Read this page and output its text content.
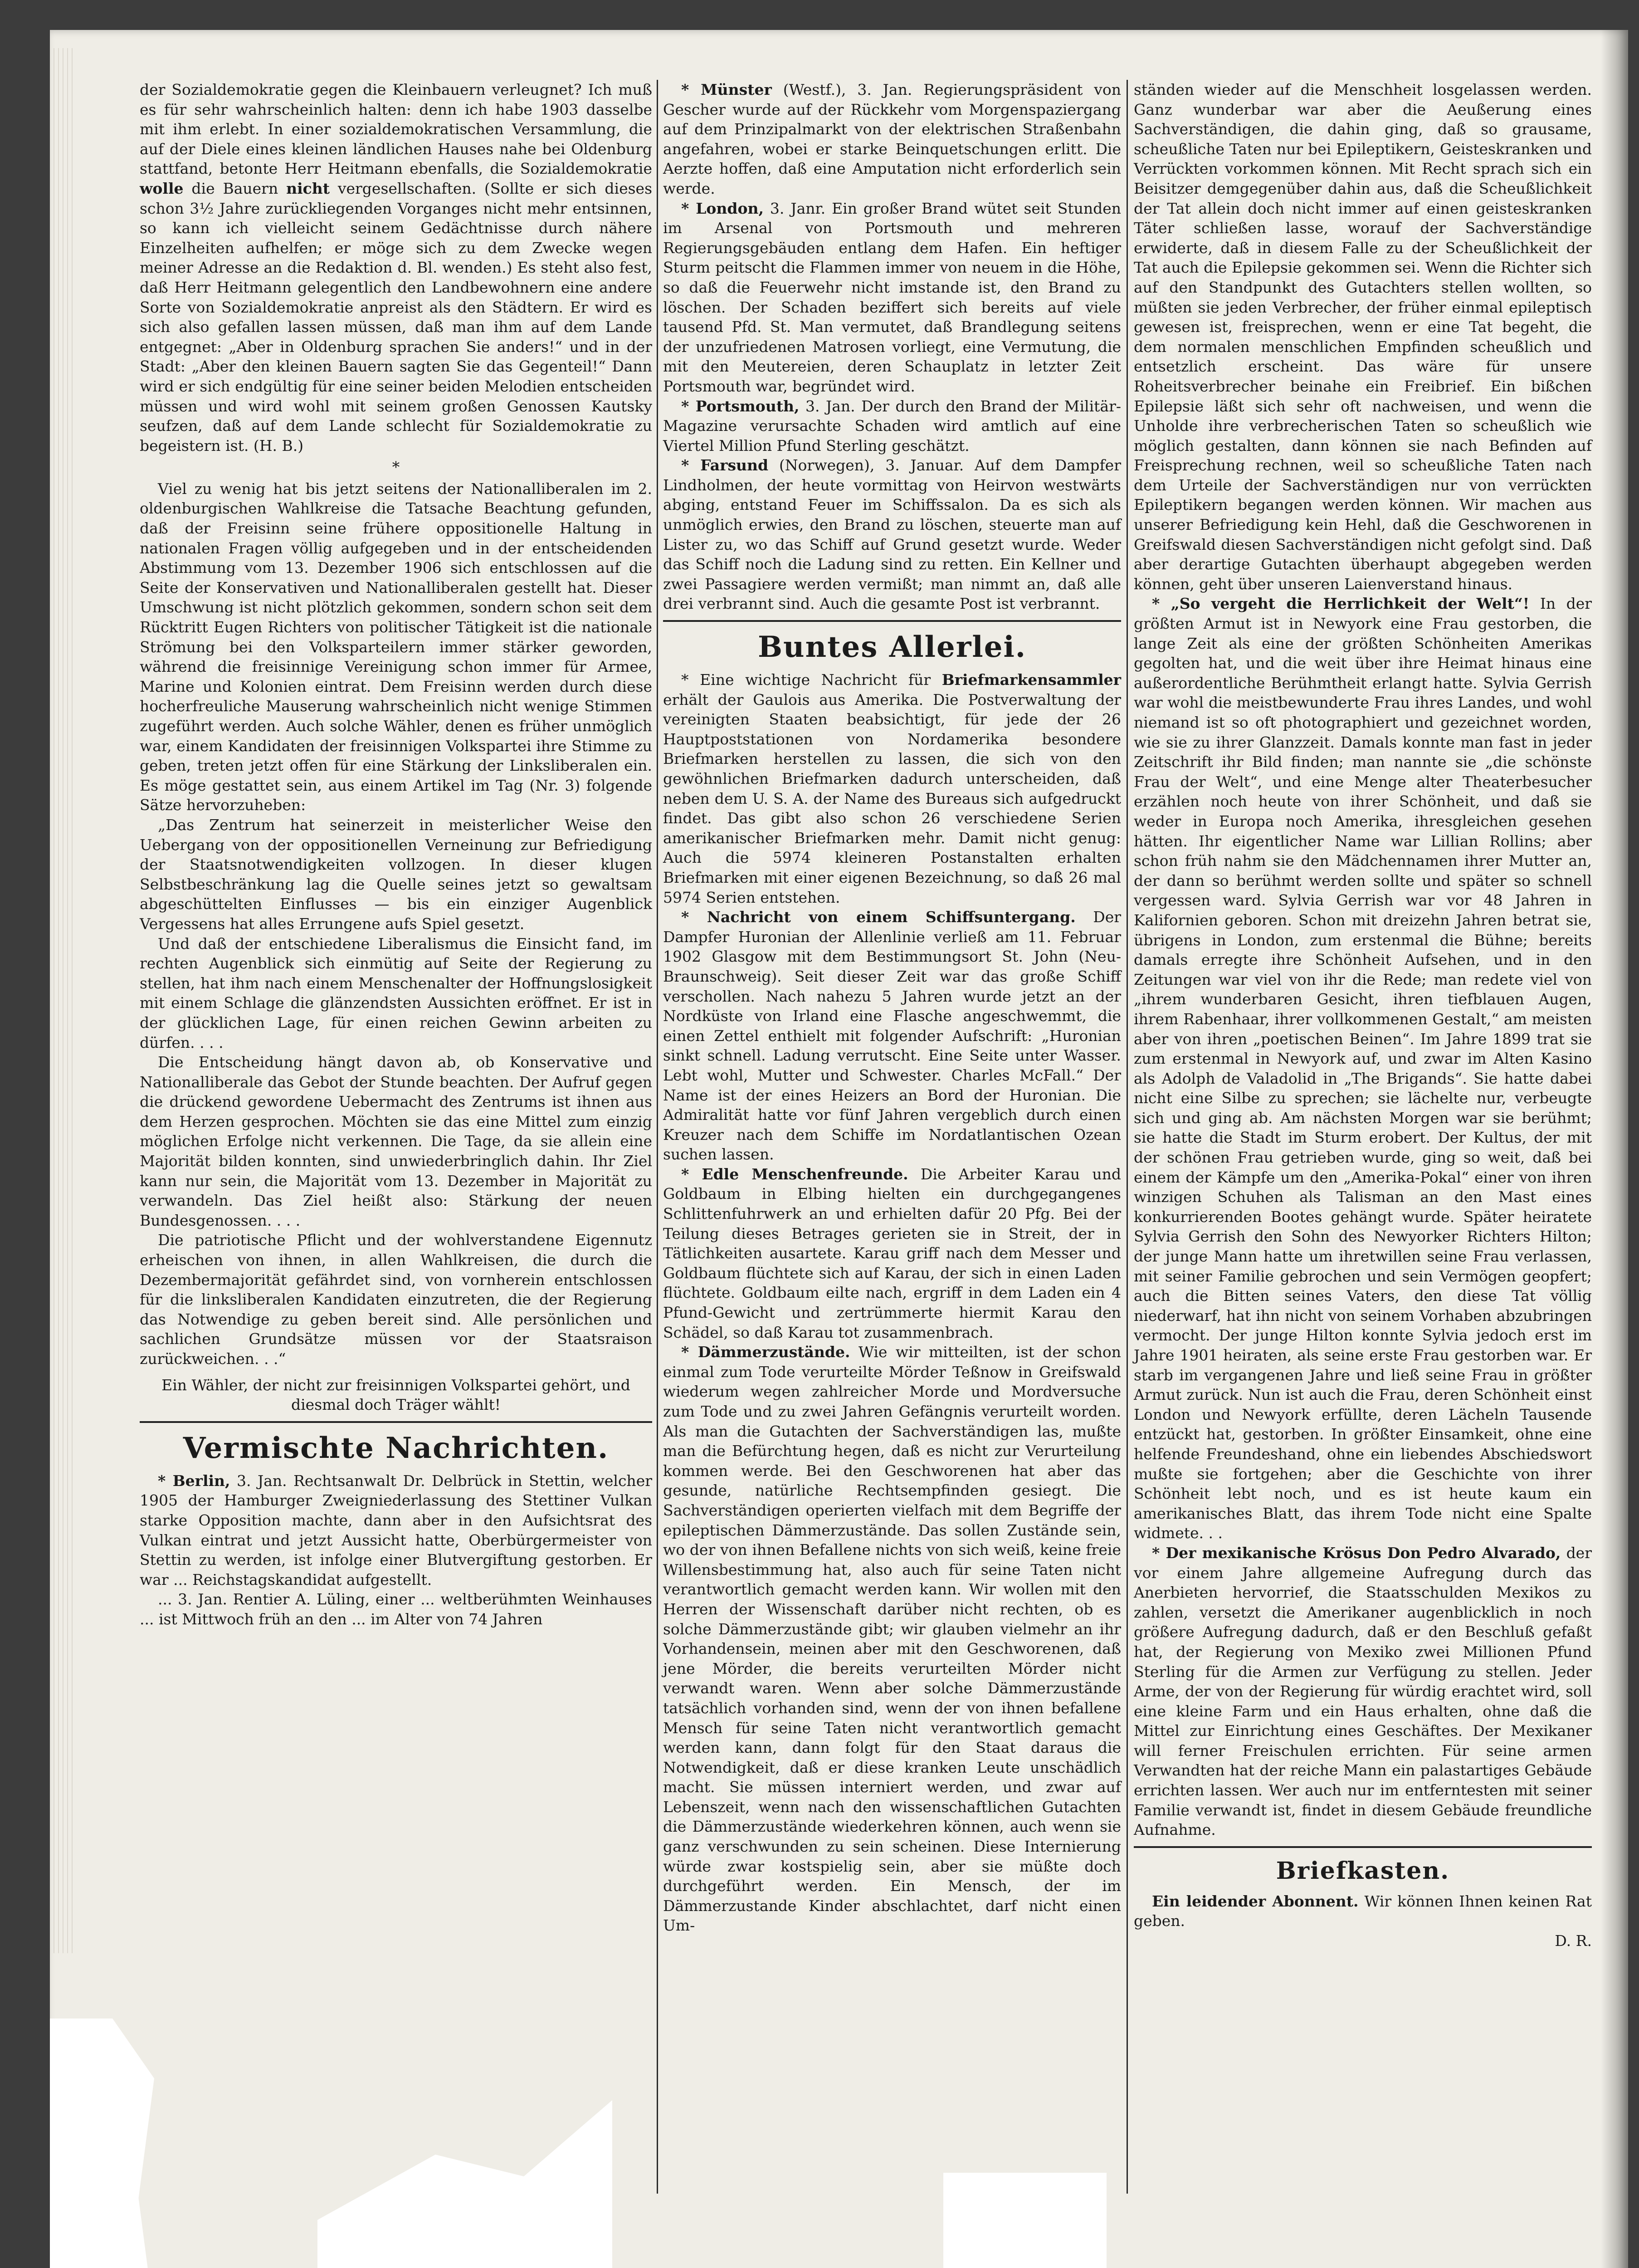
der Sozialdemokratie gegen die Kleinbauern verleugnet? Ich muß es für sehr wahrscheinlich halten: denn ich habe 1903 dasselbe mit ihm erlebt. In einer sozialdemokratischen Versammlung, die auf der Diele eines kleinen ländlichen Hauses nahe bei Oldenburg stattfand, betonte Herr Heitmann ebenfalls, die Sozialdemokratie wolle die Bauern nicht vergesellschaften. (Sollte er sich dieses schon 3½ Jahre zurückliegenden Vorganges nicht mehr entsinnen, so kann ich vielleicht seinem Gedächtnisse durch nähere Einzelheiten aufhelfen; er möge sich zu dem Zwecke wegen meiner Adresse an die Redaktion d. Bl. wenden.) Es steht also fest, daß Herr Heitmann gelegentlich den Landbewohnern eine andere Sorte von Sozialdemokratie anpreist als den Städtern. Er wird es sich also gefallen lassen müssen, daß man ihm auf dem Lande entgegnet: „Aber in Oldenburg sprachen Sie anders!“ und in der Stadt: „Aber den kleinen Bauern sagten Sie das Gegenteil!“ Dann wird er sich endgültig für eine seiner beiden Melodien entscheiden müssen und wird wohl mit seinem großen Genossen Kautsky seufzen, daß auf dem Lande schlecht für Sozialdemokratie zu begeistern ist. (H. B.)

*

Viel zu wenig hat bis jetzt seitens der Nationalliberalen im 2. oldenburgischen Wahlkreise die Tatsache Beachtung gefunden, daß der Freisinn seine frühere oppositionelle Haltung in nationalen Fragen völlig aufgegeben und in der entscheidenden Abstimmung vom 13. Dezember 1906 sich entschlossen auf die Seite der Konservativen und Nationalliberalen gestellt hat. Dieser Umschwung ist nicht plötzlich gekommen, sondern schon seit dem Rücktritt Eugen Richters von politischer Tätigkeit ist die nationale Strömung bei den Volksparteilern immer stärker geworden, während die freisinnige Vereinigung schon immer für Armee, Marine und Kolonien eintrat. Dem Freisinn werden durch diese hocherfreuliche Mauserung wahrscheinlich nicht wenige Stimmen zugeführt werden. Auch solche Wähler, denen es früher unmöglich war, einem Kandidaten der freisinnigen Volkspartei ihre Stimme zu geben, treten jetzt offen für eine Stärkung der Linksliberalen ein. Es möge gestattet sein, aus einem Artikel im Tag (Nr. 3) folgende Sätze hervorzuheben:

„Das Zentrum hat seinerzeit in meisterlicher Weise den Uebergang von der oppositionellen Verneinung zur Befriedigung der Staatsnotwendigkeiten vollzogen. In dieser klugen Selbstbeschränkung lag die Quelle seines jetzt so gewaltsam abgeschüttelten Einflusses — bis ein einziger Augenblick Vergessens hat alles Errungene aufs Spiel gesetzt.

Und daß der entschiedene Liberalismus die Einsicht fand, im rechten Augenblick sich einmütig auf Seite der Regierung zu stellen, hat ihm nach einem Menschenalter der Hoffnungslosigkeit mit einem Schlage die glänzendsten Aussichten eröffnet. Er ist in der glücklichen Lage, für einen reichen Gewinn arbeiten zu dürfen. . . .

Die Entscheidung hängt davon ab, ob Konservative und Nationalliberale das Gebot der Stunde beachten. Der Aufruf gegen die drückend gewordene Uebermacht des Zentrums ist ihnen aus dem Herzen gesprochen. Möchten sie das eine Mittel zum einzig möglichen Erfolge nicht verkennen. Die Tage, da sie allein eine Majorität bilden konnten, sind unwiederbringlich dahin. Ihr Ziel kann nur sein, die Majorität vom 13. Dezember in Majorität zu verwandeln. Das Ziel heißt also: Stärkung der neuen Bundesgenossen. . . .

Die patriotische Pflicht und der wohlverstandene Eigennutz erheischen von ihnen, in allen Wahlkreisen, die durch die Dezembermajorität gefährdet sind, von vornherein entschlossen für die linksliberalen Kandidaten einzutreten, die der Regierung das Notwendige zu geben bereit sind. Alle persönlichen und sachlichen Grundsätze müssen vor der Staatsraison zurückweichen. . .“

Ein Wähler, der nicht zur freisinnigen Volkspartei gehört, und diesmal doch Träger wählt!

Vermischte Nachrichten.

* Berlin, 3. Jan. Rechtsanwalt Dr. Delbrück in Stettin, welcher 1905 der Hamburger Zweigniederlassung des Stettiner Vulkan starke Opposition machte, dann aber in den Aufsichtsrat des Vulkan eintrat und jetzt Aussicht hatte, Oberbürgermeister von Stettin zu werden, ist infolge einer Blutvergiftung gestorben. Er war ... Reichstagskandidat aufgestellt.

... 3. Jan. Rentier A. Lüling, einer ... weltberühmten Weinhauses ... ist Mittwoch früh an den ... im Alter von 74 Jahren

* Münster (Westf.), 3. Jan. Regierungspräsident von Gescher wurde auf der Rückkehr vom Morgenspaziergang auf dem Prinzipalmarkt von der elektrischen Straßenbahn angefahren, wobei er starke Beinquetschungen erlitt. Die Aerzte hoffen, daß eine Amputation nicht erforderlich sein werde.

* London, 3. Janr. Ein großer Brand wütet seit Stunden im Arsenal von Portsmouth und mehreren Regierungsgebäuden entlang dem Hafen. Ein heftiger Sturm peitscht die Flammen immer von neuem in die Höhe, so daß die Feuerwehr nicht imstande ist, den Brand zu löschen. Der Schaden beziffert sich bereits auf viele tausend Pfd. St. Man vermutet, daß Brandlegung seitens der unzufriedenen Matrosen vorliegt, eine Vermutung, die mit den Meutereien, deren Schauplatz in letzter Zeit Portsmouth war, begründet wird.

* Portsmouth, 3. Jan. Der durch den Brand der Militär-Magazine verursachte Schaden wird amtlich auf eine Viertel Million Pfund Sterling geschätzt.

* Farsund (Norwegen), 3. Januar. Auf dem Dampfer Lindholmen, der heute vormittag von Heirvon westwärts abging, entstand Feuer im Schiffssalon. Da es sich als unmöglich erwies, den Brand zu löschen, steuerte man auf Lister zu, wo das Schiff auf Grund gesetzt wurde. Weder das Schiff noch die Ladung sind zu retten. Ein Kellner und zwei Passagiere werden vermißt; man nimmt an, daß alle drei verbrannt sind. Auch die gesamte Post ist verbrannt.

Buntes Allerlei.

* Eine wichtige Nachricht für Briefmarkensammler erhält der Gaulois aus Amerika. Die Postverwaltung der vereinigten Staaten beabsichtigt, für jede der 26 Hauptpoststationen von Nordamerika besondere Briefmarken herstellen zu lassen, die sich von den gewöhnlichen Briefmarken dadurch unterscheiden, daß neben dem U. S. A. der Name des Bureaus sich aufgedruckt findet. Das gibt also schon 26 verschiedene Serien amerikanischer Briefmarken mehr. Damit nicht genug: Auch die 5974 kleineren Postanstalten erhalten Briefmarken mit einer eigenen Bezeichnung, so daß 26 mal 5974 Serien entstehen.

* Nachricht von einem Schiffsuntergang. Der Dampfer Huronian der Allenlinie verließ am 11. Februar 1902 Glasgow mit dem Bestimmungsort St. John (Neu-Braunschweig). Seit dieser Zeit war das große Schiff verschollen. Nach nahezu 5 Jahren wurde jetzt an der Nordküste von Irland eine Flasche angeschwemmt, die einen Zettel enthielt mit folgender Aufschrift: „Huronian sinkt schnell. Ladung verrutscht. Eine Seite unter Wasser. Lebt wohl, Mutter und Schwester. Charles McFall.“ Der Name ist der eines Heizers an Bord der Huronian. Die Admiralität hatte vor fünf Jahren vergeblich durch einen Kreuzer nach dem Schiffe im Nordatlantischen Ozean suchen lassen.

* Edle Menschenfreunde. Die Arbeiter Karau und Goldbaum in Elbing hielten ein durchgegangenes Schlittenfuhrwerk an und erhielten dafür 20 Pfg. Bei der Teilung dieses Betrages gerieten sie in Streit, der in Tätlichkeiten ausartete. Karau griff nach dem Messer und Goldbaum flüchtete sich auf Karau, der sich in einen Laden flüchtete. Goldbaum eilte nach, ergriff in dem Laden ein 4 Pfund-Gewicht und zertrümmerte hiermit Karau den Schädel, so daß Karau tot zusammenbrach.

* Dämmerzustände. Wie wir mitteilten, ist der schon einmal zum Tode verurteilte Mörder Teßnow in Greifswald wiederum wegen zahlreicher Morde und Mordversuche zum Tode und zu zwei Jahren Gefängnis verurteilt worden. Als man die Gutachten der Sachverständigen las, mußte man die Befürchtung hegen, daß es nicht zur Verurteilung kommen werde. Bei den Geschworenen hat aber das gesunde, natürliche Rechtsempfinden gesiegt. Die Sachverständigen operierten vielfach mit dem Begriffe der epileptischen Dämmerzustände. Das sollen Zustände sein, wo der von ihnen Befallene nichts von sich weiß, keine freie Willensbestimmung hat, also auch für seine Taten nicht verantwortlich gemacht werden kann. Wir wollen mit den Herren der Wissenschaft darüber nicht rechten, ob es solche Dämmerzustände gibt; wir glauben vielmehr an ihr Vorhandensein, meinen aber mit den Geschworenen, daß jene Mörder, die bereits verurteilten Mörder nicht verwandt waren. Wenn aber solche Dämmerzustände tatsächlich vorhanden sind, wenn der von ihnen befallene Mensch für seine Taten nicht verantwortlich gemacht werden kann, dann folgt für den Staat daraus die Notwendigkeit, daß er diese kranken Leute unschädlich macht. Sie müssen interniert werden, und zwar auf Lebenszeit, wenn nach den wissenschaftlichen Gutachten die Dämmerzustände wiederkehren können, auch wenn sie ganz verschwunden zu sein scheinen. Diese Internierung würde zwar kostspielig sein, aber sie müßte doch durchgeführt werden. Ein Mensch, der im Dämmerzustande Kinder abschlachtet, darf nicht einen Um-

ständen wieder auf die Menschheit losgelassen werden. Ganz wunderbar war aber die Aeußerung eines Sachverständigen, die dahin ging, daß so grausame, scheußliche Taten nur bei Epileptikern, Geisteskranken und Verrückten vorkommen können. Mit Recht sprach sich ein Beisitzer demgegenüber dahin aus, daß die Scheußlichkeit der Tat allein doch nicht immer auf einen geisteskranken Täter schließen lasse, worauf der Sachverständige erwiderte, daß in diesem Falle zu der Scheußlichkeit der Tat auch die Epilepsie gekommen sei. Wenn die Richter sich auf den Standpunkt des Gutachters stellen wollten, so müßten sie jeden Verbrecher, der früher einmal epileptisch gewesen ist, freisprechen, wenn er eine Tat begeht, die dem normalen menschlichen Empfinden scheußlich und entsetzlich erscheint. Das wäre für unsere Roheitsverbrecher beinahe ein Freibrief. Ein bißchen Epilepsie läßt sich sehr oft nachweisen, und wenn die Unholde ihre verbrecherischen Taten so scheußlich wie möglich gestalten, dann können sie nach Befinden auf Freisprechung rechnen, weil so scheußliche Taten nach dem Urteile der Sachverständigen nur von verrückten Epileptikern begangen werden können. Wir machen aus unserer Befriedigung kein Hehl, daß die Geschworenen in Greifswald diesen Sachverständigen nicht gefolgt sind. Daß aber derartige Gutachten überhaupt abgegeben werden können, geht über unseren Laienverstand hinaus.

* „So vergeht die Herrlichkeit der Welt“! In der größten Armut ist in Newyork eine Frau gestorben, die lange Zeit als eine der größten Schönheiten Amerikas gegolten hat, und die weit über ihre Heimat hinaus eine außerordentliche Berühmtheit erlangt hatte. Sylvia Gerrish war wohl die meistbewunderte Frau ihres Landes, und wohl niemand ist so oft photographiert und gezeichnet worden, wie sie zu ihrer Glanzzeit. Damals konnte man fast in jeder Zeitschrift ihr Bild finden; man nannte sie „die schönste Frau der Welt“, und eine Menge alter Theaterbesucher erzählen noch heute von ihrer Schönheit, und daß sie weder in Europa noch Amerika, ihresgleichen gesehen hätten. Ihr eigentlicher Name war Lillian Rollins; aber schon früh nahm sie den Mädchennamen ihrer Mutter an, der dann so berühmt werden sollte und später so schnell vergessen ward. Sylvia Gerrish war vor 48 Jahren in Kalifornien geboren. Schon mit dreizehn Jahren betrat sie, übrigens in London, zum erstenmal die Bühne; bereits damals erregte ihre Schönheit Aufsehen, und in den Zeitungen war viel von ihr die Rede; man redete viel von „ihrem wunderbaren Gesicht, ihren tiefblauen Augen, ihrem Rabenhaar, ihrer vollkommenen Gestalt,“ am meisten aber von ihren „poetischen Beinen“. Im Jahre 1899 trat sie zum erstenmal in Newyork auf, und zwar im Alten Kasino als Adolph de Valadolid in „The Brigands“. Sie hatte dabei nicht eine Silbe zu sprechen; sie lächelte nur, verbeugte sich und ging ab. Am nächsten Morgen war sie berühmt; sie hatte die Stadt im Sturm erobert. Der Kultus, der mit der schönen Frau getrieben wurde, ging so weit, daß bei einem der Kämpfe um den „Amerika-Pokal“ einer von ihren winzigen Schuhen als Talisman an den Mast eines konkurrierenden Bootes gehängt wurde. Später heiratete Sylvia Gerrish den Sohn des Newyorker Richters Hilton; der junge Mann hatte um ihretwillen seine Frau verlassen, mit seiner Familie gebrochen und sein Vermögen geopfert; auch die Bitten seines Vaters, den diese Tat völlig niederwarf, hat ihn nicht von seinem Vorhaben abzubringen vermocht. Der junge Hilton konnte Sylvia jedoch erst im Jahre 1901 heiraten, als seine erste Frau gestorben war. Er starb im vergangenen Jahre und ließ seine Frau in größter Armut zurück. Nun ist auch die Frau, deren Schönheit einst London und Newyork erfüllte, deren Lächeln Tausende entzückt hat, gestorben. In größter Einsamkeit, ohne eine helfende Freundeshand, ohne ein liebendes Abschiedswort mußte sie fortgehen; aber die Geschichte von ihrer Schönheit lebt noch, und es ist heute kaum ein amerikanisches Blatt, das ihrem Tode nicht eine Spalte widmete. . .

* Der mexikanische Krösus Don Pedro Alvarado, der vor einem Jahre allgemeine Aufregung durch das Anerbieten hervorrief, die Staatsschulden Mexikos zu zahlen, versetzt die Amerikaner augenblicklich in noch größere Aufregung dadurch, daß er den Beschluß gefaßt hat, der Regierung von Mexiko zwei Millionen Pfund Sterling für die Armen zur Verfügung zu stellen. Jeder Arme, der von der Regierung für würdig erachtet wird, soll eine kleine Farm und ein Haus erhalten, ohne daß die Mittel zur Einrichtung eines Geschäftes. Der Mexikaner will ferner Freischulen errichten. Für seine armen Verwandten hat der reiche Mann ein palastartiges Gebäude errichten lassen. Wer auch nur im entferntesten mit seiner Familie verwandt ist, findet in diesem Gebäude freundliche Aufnahme.

Briefkasten.

Ein leidender Abonnent. Wir können Ihnen keinen Rat geben.

D. R.
